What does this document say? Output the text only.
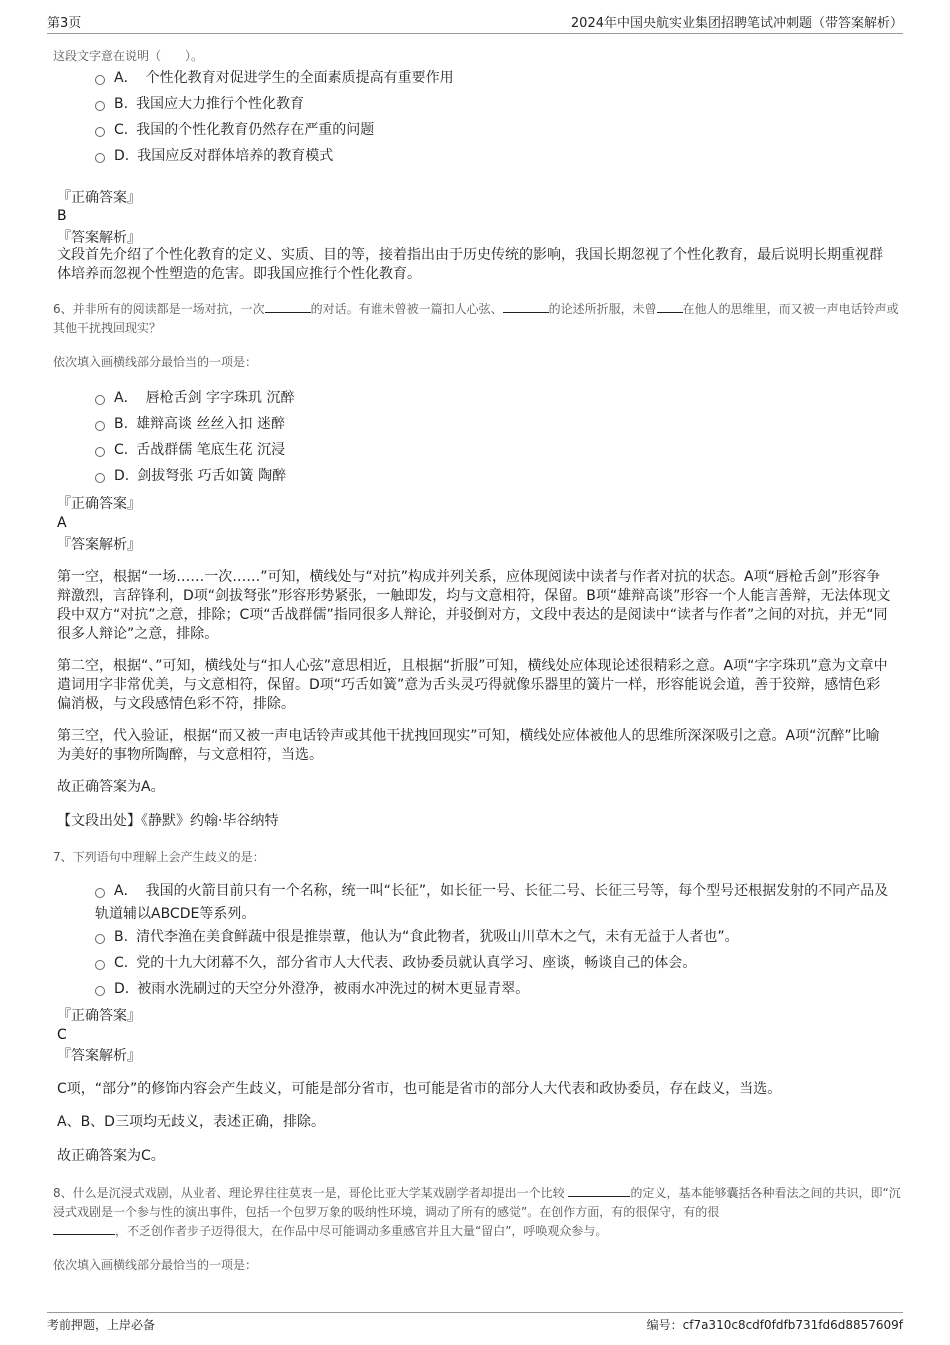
第3页	2024年中国央航实业集团招聘笔试冲刺题（带答案解析）
这段文字意在说明（　　）。
A． 个性化教育对促进学生的全面素质提高有重要作用
B. 我国应大力推行个性化教育
C. 我国的个性化教育仍然存在严重的问题
D. 我国应反对群体培养的教育模式
『正确答案』
B
『答案解析』
文段首先介绍了个性化教育的定义、实质、目的等，接着指出由于历史传统的影响，我国长期忽视了个性化教育，最后说明长期重视群体培养而忽视个性塑造的危害。即我国应推行个性化教育。
6、并非所有的阅读都是一场对抗，一次	的对话。有谁未曾被一篇扣人心弦、	的论述所折服，未曾 在他人的思维里，而又被一声电话铃声或其他干扰拽回现实？
依次填入画横线部分最恰当的一项是：
A． 唇枪舌剑 字字珠玑 沉醉
B. 雄辩高谈 丝丝入扣 迷醉
C. 舌战群儒 笔底生花 沉浸
D. 剑拔弩张 巧舌如簧 陶醉
『正确答案』
A
『答案解析』
第一空，根据“一场……一次……”可知，横线处与“对抗”构成并列关系，应体现阅读中读者与作者对抗的状态。A项“唇枪舌剑”形容争辩激烈，言辞锋利，D项“剑拔弩张”形容形势紧张，一触即发，均与文意相符，保留。B项“雄辩高谈”形容一个人能言善辩，无法体现文段中双方“对抗”之意，排除；C项“舌战群儒”指同很多人辩论，并驳倒对方，文段中表达的是阅读中“读者与作者”之间的对抗，并无“同很多人辩论”之意，排除。
第二空，根据“、”可知，横线处与“扣人心弦”意思相近，且根据“折服”可知，横线处应体现论述很精彩之意。A项“字字珠玑”意为文章中遣词用字非常优美，与文意相符，保留。D项“巧舌如簧”意为舌头灵巧得就像乐器里的簧片一样，形容能说会道，善于狡辩，感情色彩偏消极，与文段感情色彩不符，排除。
第三空，代入验证，根据“而又被一声电话铃声或其他干扰拽回现实”可知，横线处应体被他人的思维所深深吸引之意。A项“沉醉”比喻为美好的事物所陶醉，与文意相符，当选。
故正确答案为A。
【文段出处】《静默》约翰·毕谷纳特
7、下列语句中理解上会产生歧义的是：
A． 我国的火箭目前只有一个名称，统一叫“长征”，如长征一号、长征二号、长征三号等，每个型号还根据发射的不同产品及轨道辅以ABCDE等系列。
B. 清代李渔在美食鲜蔬中很是推崇蕈，他认为“食此物者，犹吸山川草木之气，未有无益于人者也”。
C. 党的十九大闭幕不久，部分省市人大代表、政协委员就认真学习、座谈，畅谈自己的体会。
D. 被雨水洗刷过的天空分外澄净，被雨水冲洗过的树木更显青翠。
『正确答案』
C
『答案解析』
C项，“部分”的修饰内容会产生歧义，可能是部分省市，也可能是省市的部分人大代表和政协委员，存在歧义，当选。
A、B、D三项均无歧义，表述正确，排除。
故正确答案为C。
8、什么是沉浸式戏剧，从业者、理论界往往莫衷一是，哥伦比亚大学某戏剧学者却提出一个比较	的定义，基本能够囊括各种看法之间的共识，即“沉浸式戏剧是一个参与性的演出事件，包括一个包罗万象的吸纳性环境，调动了所有的感觉”。在创作方面，有的很保守，有的很
，不乏创作者步子迈得很大，在作品中尽可能调动多重感官并且大量“留白”，呼唤观众参与。
依次填入画横线部分最恰当的一项是：
考前押题，上岸必备	编号：cf7a310c8cdf0fdfb731fd6d8857609f
